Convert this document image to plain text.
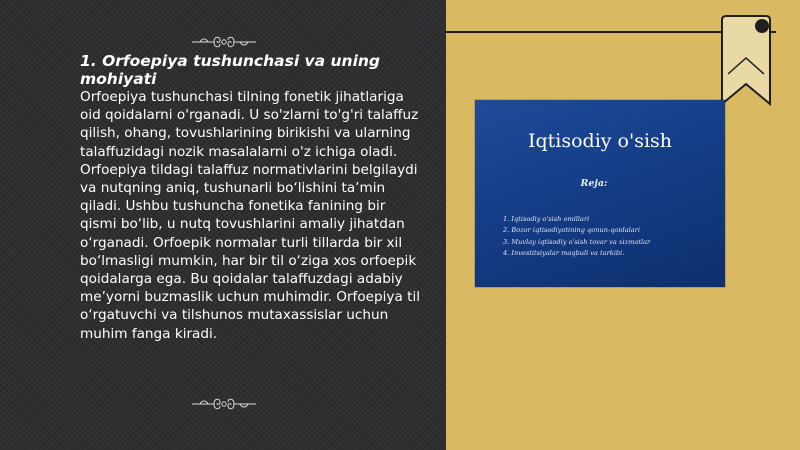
1. Orfoepiya tushunchasi va uning mohiyati

Orfoepiya tushunchasi tilning fonetik jihatlariga oid qoidalarni o'rganadi. U so'zlarni to'g'ri talaffuz qilish, ohang, tovushlarining birikishi va ularning talaffuzidagi nozik masalalarni o'z ichiga oladi. Orfoepiya tildagi talaffuz normativlarini belgilaydi va nutqning aniq, tushunarli bo‘lishini ta’min qiladi. Ushbu tushuncha fonetika fanining bir qismi bo‘lib, u nutq tovushlarini amaliy jihatdan o‘rganadi. Orfoepik normalar turli tillarda bir xil bo‘lmasligi mumkin, har bir til o‘ziga xos orfoepik qoidalarga ega. Bu qoidalar talaffuzdagi adabiy me’yorni buzmaslik uchun muhimdir. Orfoepiya til o‘rgatuvchi va tilshunos mutaxassislar uchun muhim fanga kiradi.

Iqtisodiy o'sish
Reja:
1. Iqtisodiy o'sish omillari
2. Bozor iqtisodiyotining qonun-qoidalari
3. Muvlay iqtisodiy o'sish tovar va xizmatlar
4. Investitsiyalar maqbuli va tarkibi.
